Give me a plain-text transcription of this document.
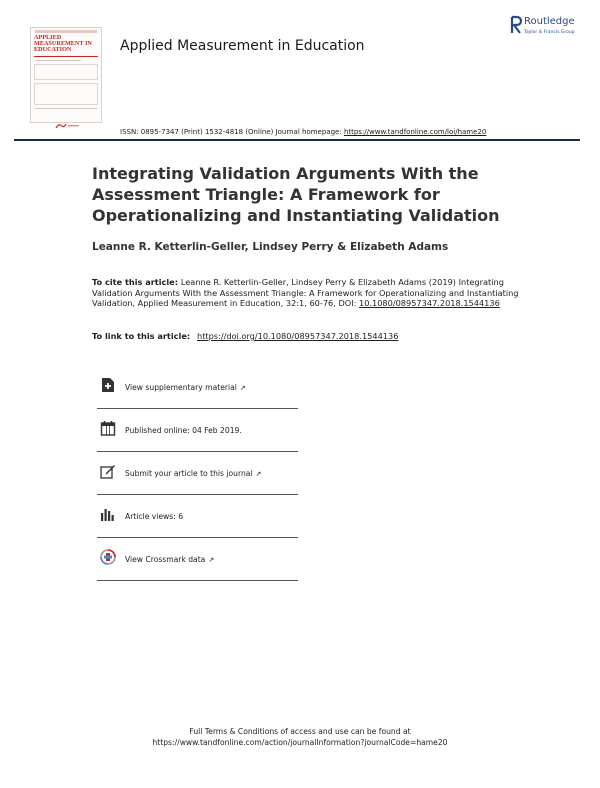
APPLIED MEASUREMENT IN EDUCATION	Applied Measurement in Education
Routledge
Taylor & Francis Group
ISSN: 0895-7347 (Print) 1532-4818 (Online) Journal homepage: https://www.tandfonline.com/loi/hame20
Integrating Validation Arguments With the Assessment Triangle: A Framework for Operationalizing and Instantiating Validation
Leanne R. Ketterlin-Geller, Lindsey Perry & Elizabeth Adams
To cite this article: Leanne R. Ketterlin-Geller, Lindsey Perry & Elizabeth Adams (2019) Integrating Validation Arguments With the Assessment Triangle: A Framework for Operationalizing and Instantiating Validation, Applied Measurement in Education, 32:1, 60-76, DOI: 10.1080/08957347.2018.1544136
To link to this article: https://doi.org/10.1080/08957347.2018.1544136
View supplementary material ↗
Published online: 04 Feb 2019.
Submit your article to this journal ↗
Article views: 6
View Crossmark data ↗
Full Terms & Conditions of access and use can be found at
https://www.tandfonline.com/action/journalInformation?journalCode=hame20
